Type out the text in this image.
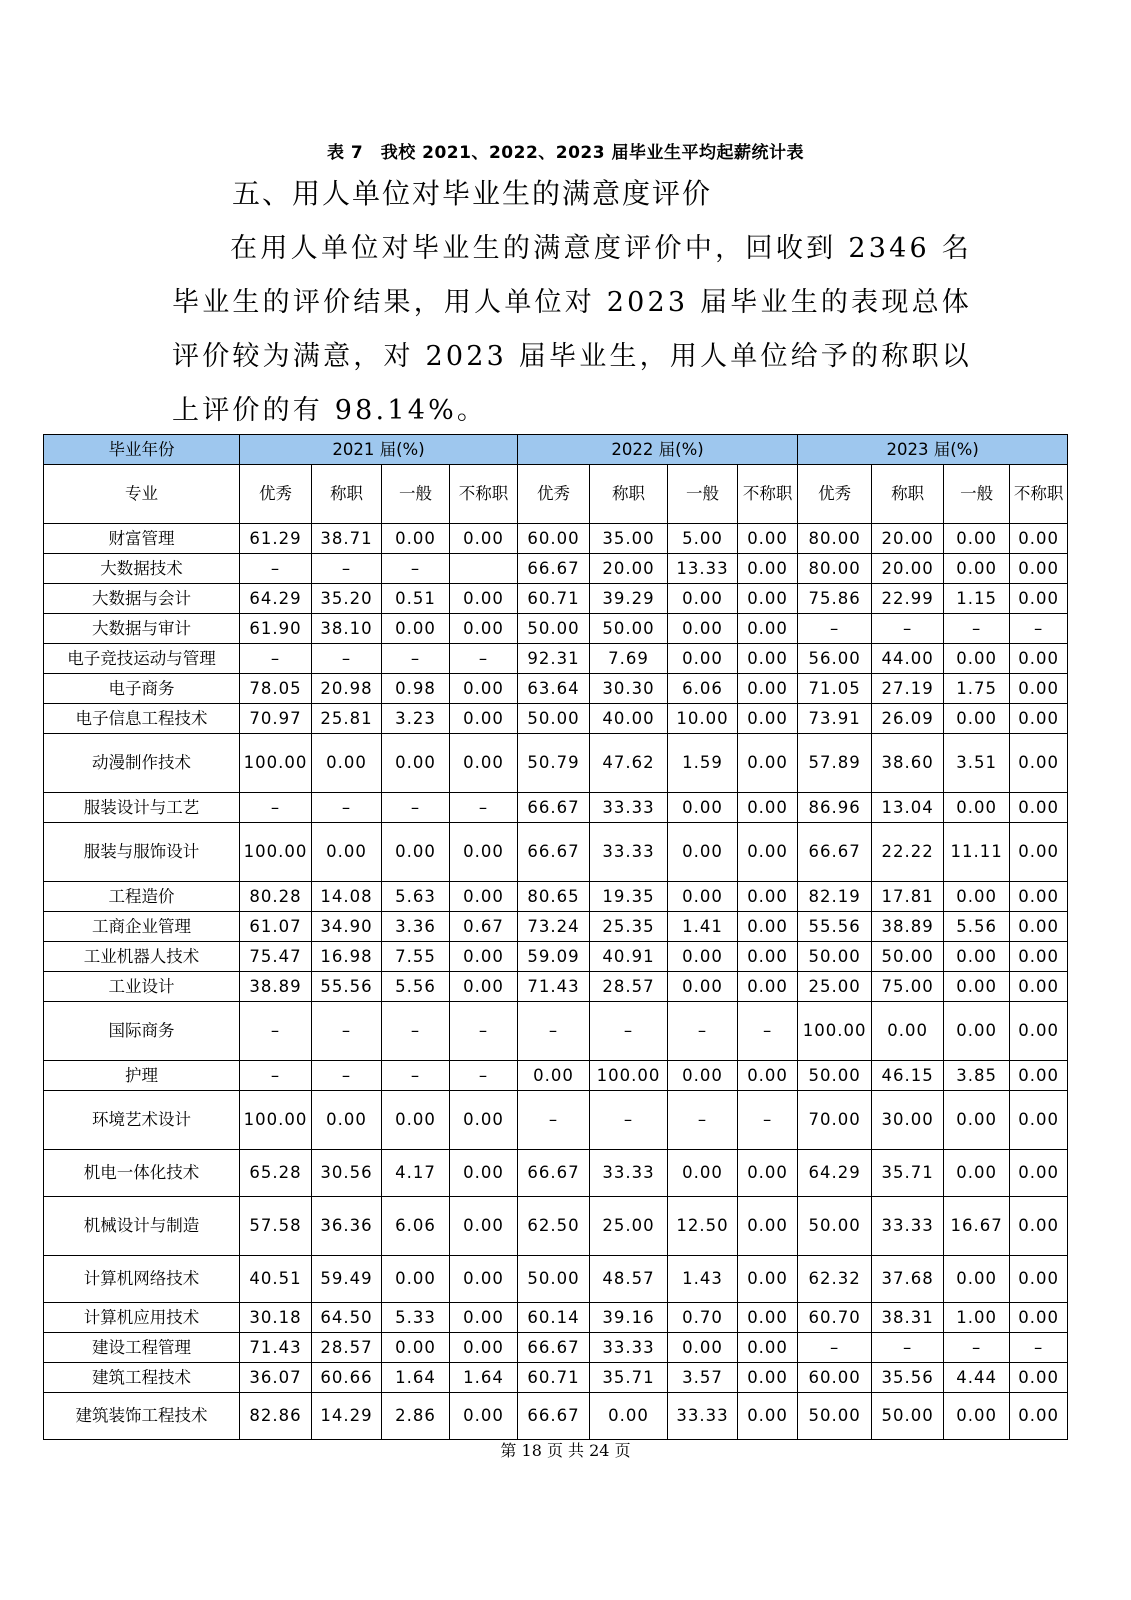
表 7　我校 2021、2022、2023 届毕业生平均起薪统计表
五、用人单位对毕业生的满意度评价
在用人单位对毕业生的满意度评价中，回收到 2346 名毕业生的评价结果，用人单位对 2023 届毕业生的表现总体评价较为满意，对 2023 届毕业生，用人单位给予的称职以上评价的有 98.14%。
毕业年份	2021 届(%)				2022 届(%)				2023 届(%)			
专业	优秀	称职	一般	不称职	优秀	称职	一般	不称职	优秀	称职	一般	不称职
财富管理	61.29	38.71	0.00	0.00	60.00	35.00	5.00	0.00	80.00	20.00	0.00	0.00
大数据技术	–	–	–		66.67	20.00	13.33	0.00	80.00	20.00	0.00	0.00
大数据与会计	64.29	35.20	0.51	0.00	60.71	39.29	0.00	0.00	75.86	22.99	1.15	0.00
大数据与审计	61.90	38.10	0.00	0.00	50.00	50.00	0.00	0.00	–	–	–	–
电子竞技运动与管理	–	–	–	–	92.31	7.69	0.00	0.00	56.00	44.00	0.00	0.00
电子商务	78.05	20.98	0.98	0.00	63.64	30.30	6.06	0.00	71.05	27.19	1.75	0.00
电子信息工程技术	70.97	25.81	3.23	0.00	50.00	40.00	10.00	0.00	73.91	26.09	0.00	0.00
动漫制作技术	100.00	0.00	0.00	0.00	50.79	47.62	1.59	0.00	57.89	38.60	3.51	0.00
服装设计与工艺	–	–	–	–	66.67	33.33	0.00	0.00	86.96	13.04	0.00	0.00
服装与服饰设计	100.00	0.00	0.00	0.00	66.67	33.33	0.00	0.00	66.67	22.22	11.11	0.00
工程造价	80.28	14.08	5.63	0.00	80.65	19.35	0.00	0.00	82.19	17.81	0.00	0.00
工商企业管理	61.07	34.90	3.36	0.67	73.24	25.35	1.41	0.00	55.56	38.89	5.56	0.00
工业机器人技术	75.47	16.98	7.55	0.00	59.09	40.91	0.00	0.00	50.00	50.00	0.00	0.00
工业设计	38.89	55.56	5.56	0.00	71.43	28.57	0.00	0.00	25.00	75.00	0.00	0.00
国际商务	–	–	–	–	–	–	–	–	100.00	0.00	0.00	0.00
护理	–	–	–	–	0.00	100.00	0.00	0.00	50.00	46.15	3.85	0.00
环境艺术设计	100.00	0.00	0.00	0.00	–	–	–	–	70.00	30.00	0.00	0.00
机电一体化技术	65.28	30.56	4.17	0.00	66.67	33.33	0.00	0.00	64.29	35.71	0.00	0.00
机械设计与制造	57.58	36.36	6.06	0.00	62.50	25.00	12.50	0.00	50.00	33.33	16.67	0.00
计算机网络技术	40.51	59.49	0.00	0.00	50.00	48.57	1.43	0.00	62.32	37.68	0.00	0.00
计算机应用技术	30.18	64.50	5.33	0.00	60.14	39.16	0.70	0.00	60.70	38.31	1.00	0.00
建设工程管理	71.43	28.57	0.00	0.00	66.67	33.33	0.00	0.00	–	–	–	–
建筑工程技术	36.07	60.66	1.64	1.64	60.71	35.71	3.57	0.00	60.00	35.56	4.44	0.00
建筑装饰工程技术	82.86	14.29	2.86	0.00	66.67	0.00	33.33	0.00	50.00	50.00	0.00	0.00
第 18 页 共 24 页
